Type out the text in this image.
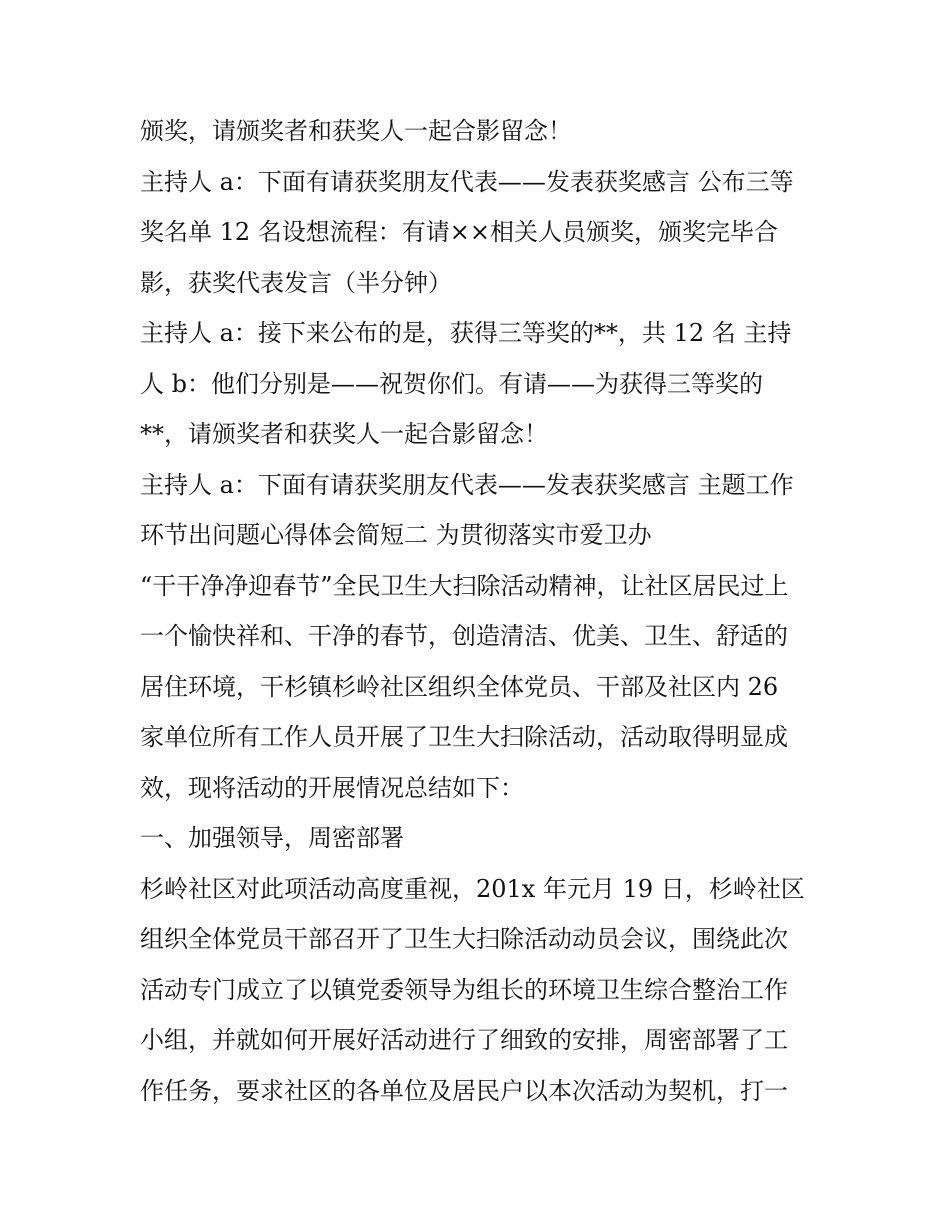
颁奖，请颁奖者和获奖人一起合影留念！
主持人 a：下面有请获奖朋友代表——发表获奖感言 公布三等
奖名单 12 名设想流程：有请××相关人员颁奖，颁奖完毕合
影，获奖代表发言（半分钟）
主持人 a：接下来公布的是，获得三等奖的**，共 12 名 主持
人 b：他们分别是——祝贺你们。有请——为获得三等奖的
**，请颁奖者和获奖人一起合影留念！
主持人 a：下面有请获奖朋友代表——发表获奖感言 主题工作
环节出问题心得体会简短二 为贯彻落实市爱卫办
“干干净净迎春节”全民卫生大扫除活动精神，让社区居民过上
一个愉快祥和、干净的春节，创造清洁、优美、卫生、舒适的
居住环境，干杉镇杉岭社区组织全体党员、干部及社区内 26
家单位所有工作人员开展了卫生大扫除活动，活动取得明显成
效，现将活动的开展情况总结如下：
一、加强领导，周密部署
杉岭社区对此项活动高度重视，201x 年元月 19 日，杉岭社区
组织全体党员干部召开了卫生大扫除活动动员会议，围绕此次
活动专门成立了以镇党委领导为组长的环境卫生综合整治工作
小组，并就如何开展好活动进行了细致的安排，周密部署了工
作任务，要求社区的各单位及居民户以本次活动为契机，打一
